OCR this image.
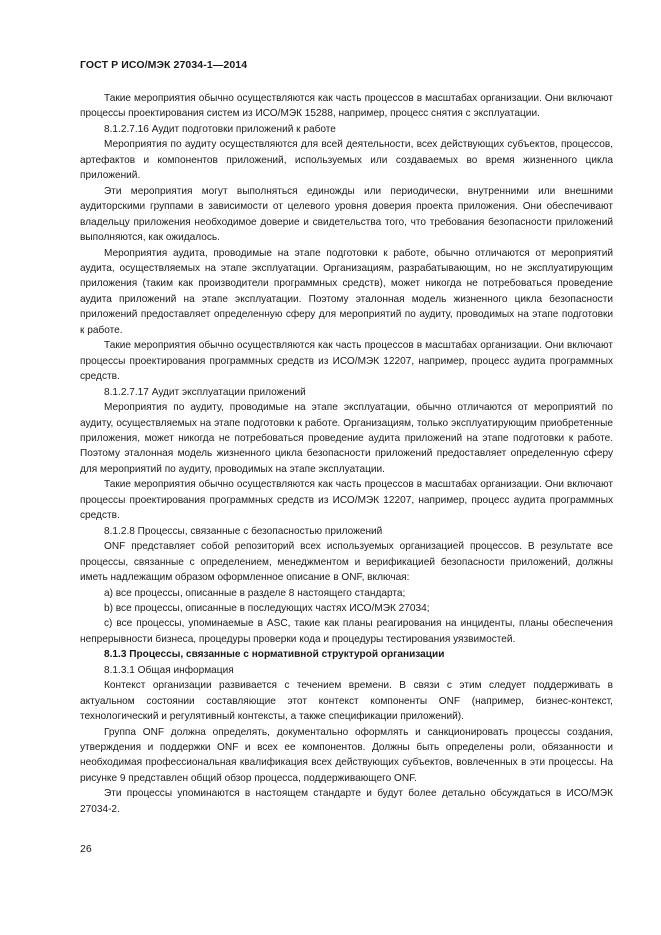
ГОСТ Р ИСО/МЭК 27034-1—2014

Такие мероприятия обычно осуществляются как часть процессов в масштабах организации. Они включают процессы проектирования систем из ИСО/МЭК 15288, например, процесс снятия с эксплуатации.

8.1.2.7.16 Аудит подготовки приложений к работе

Мероприятия по аудиту осуществляются для всей деятельности, всех действующих субъектов, процессов, артефактов и компонентов приложений, используемых или создаваемых во время жизненного цикла приложений.

Эти мероприятия могут выполняться единожды или периодически, внутренними или внешними аудиторскими группами в зависимости от целевого уровня доверия проекта приложения. Они обеспечивают владельцу приложения необходимое доверие и свидетельства того, что требования безопасности приложений выполняются, как ожидалось.

Мероприятия аудита, проводимые на этапе подготовки к работе, обычно отличаются от мероприятий аудита, осуществляемых на этапе эксплуатации. Организациям, разрабатывающим, но не эксплуатирующим приложения (таким как производители программных средств), может никогда не потребоваться проведение аудита приложений на этапе эксплуатации. Поэтому эталонная модель жизненного цикла безопасности приложений предоставляет определенную сферу для мероприятий по аудиту, проводимых на этапе подготовки к работе.

Такие мероприятия обычно осуществляются как часть процессов в масштабах организации. Они включают процессы проектирования программных средств из ИСО/МЭК 12207, например, процесс аудита программных средств.

8.1.2.7.17 Аудит эксплуатации приложений

Мероприятия по аудиту, проводимые на этапе эксплуатации, обычно отличаются от мероприятий по аудиту, осуществляемых на этапе подготовки к работе. Организациям, только эксплуатирующим приобретенные приложения, может никогда не потребоваться проведение аудита приложений на этапе подготовки к работе. Поэтому эталонная модель жизненного цикла безопасности приложений предоставляет определенную сферу для мероприятий по аудиту, проводимых на этапе эксплуатации.

Такие мероприятия обычно осуществляются как часть процессов в масштабах организации. Они включают процессы проектирования программных средств из ИСО/МЭК 12207, например, процесс аудита программных средств.

8.1.2.8 Процессы, связанные с безопасностью приложений

ONF представляет собой репозиторий всех используемых организацией процессов. В результате все процессы, связанные с определением, менеджментом и верификацией безопасности приложений, должны иметь надлежащим образом оформленное описание в ONF, включая:

a) все процессы, описанные в разделе 8 настоящего стандарта;

b) все процессы, описанные в последующих частях ИСО/МЭК 27034;

c) все процессы, упоминаемые в ASC, такие как планы реагирования на инциденты, планы обеспечения непрерывности бизнеса, процедуры проверки кода и процедуры тестирования уязвимостей.

8.1.3 Процессы, связанные с нормативной структурой организации

8.1.3.1 Общая информация

Контекст организации развивается с течением времени. В связи с этим следует поддерживать в актуальном состоянии составляющие этот контекст компоненты ONF (например, бизнес-контекст, технологический и регулятивный контексты, а также спецификации приложений).

Группа ONF должна определять, документально оформлять и санкционировать процессы создания, утверждения и поддержки ONF и всех ее компонентов. Должны быть определены роли, обязанности и необходимая профессиональная квалификация всех действующих субъектов, вовлеченных в эти процессы. На рисунке 9 представлен общий обзор процесса, поддерживающего ONF.

Эти процессы упоминаются в настоящем стандарте и будут более детально обсуждаться в ИСО/МЭК 27034-2.

26
